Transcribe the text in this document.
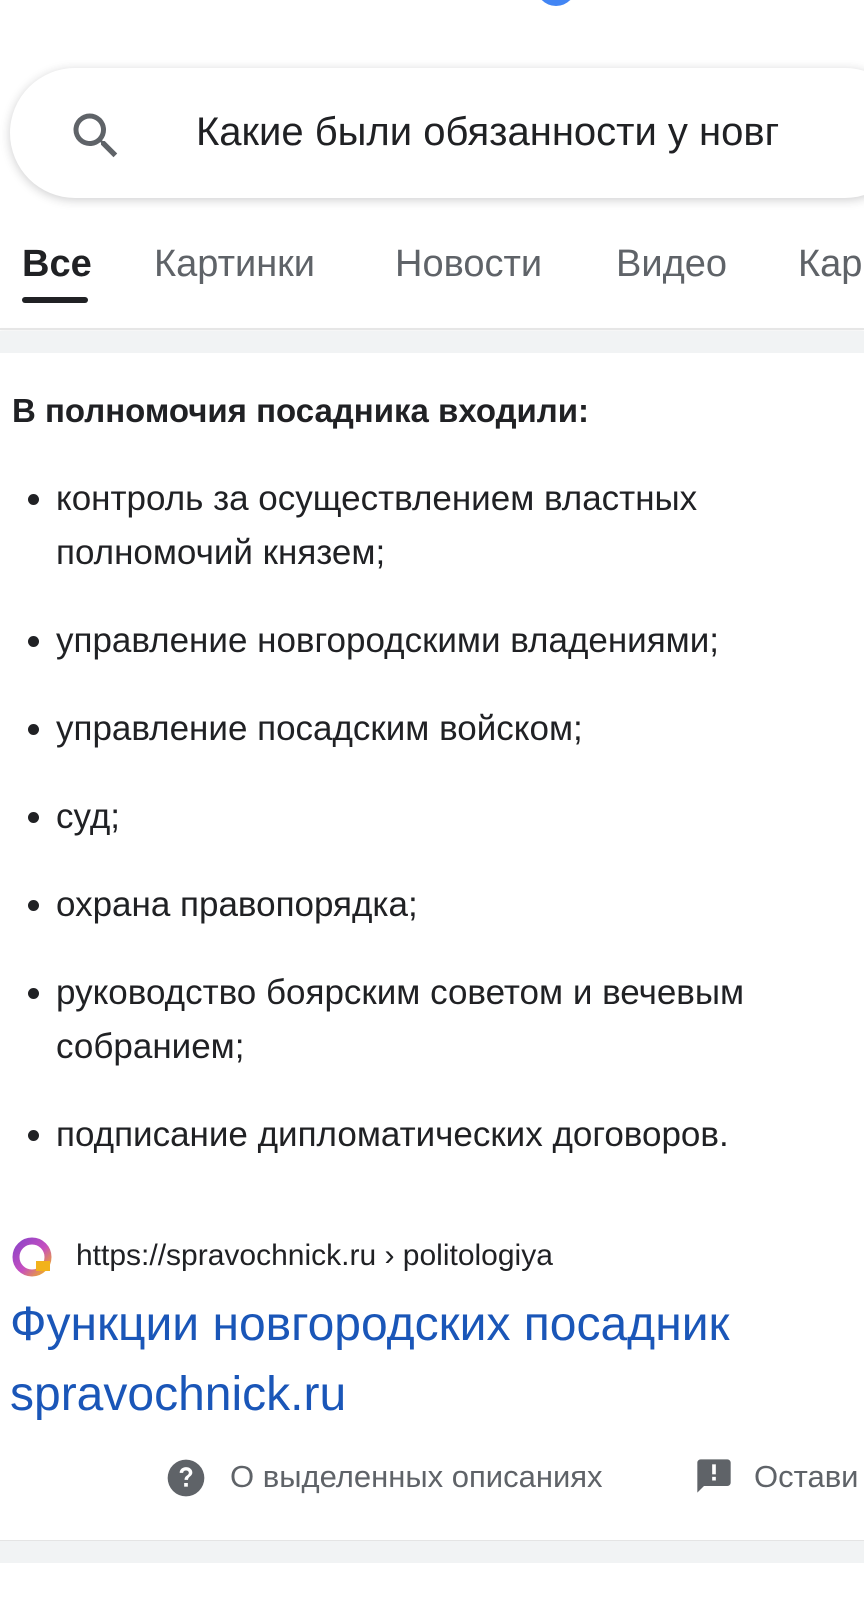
Какие были обязанности у новг
Все Картинки Новости Видео Кар
В полномочия посадника входили:
контроль за осуществлением властных полномочий князем;
управление новгородскими владениями;
управление посадским войском;
суд;
охрана правопорядка;
руководство боярским советом и вечевым собранием;
подписание дипломатических договоров.
https://spravochnick.ru › politologiya
Функции новгородских посадник
spravochnick.ru
О выделенных описаниях	Остави
